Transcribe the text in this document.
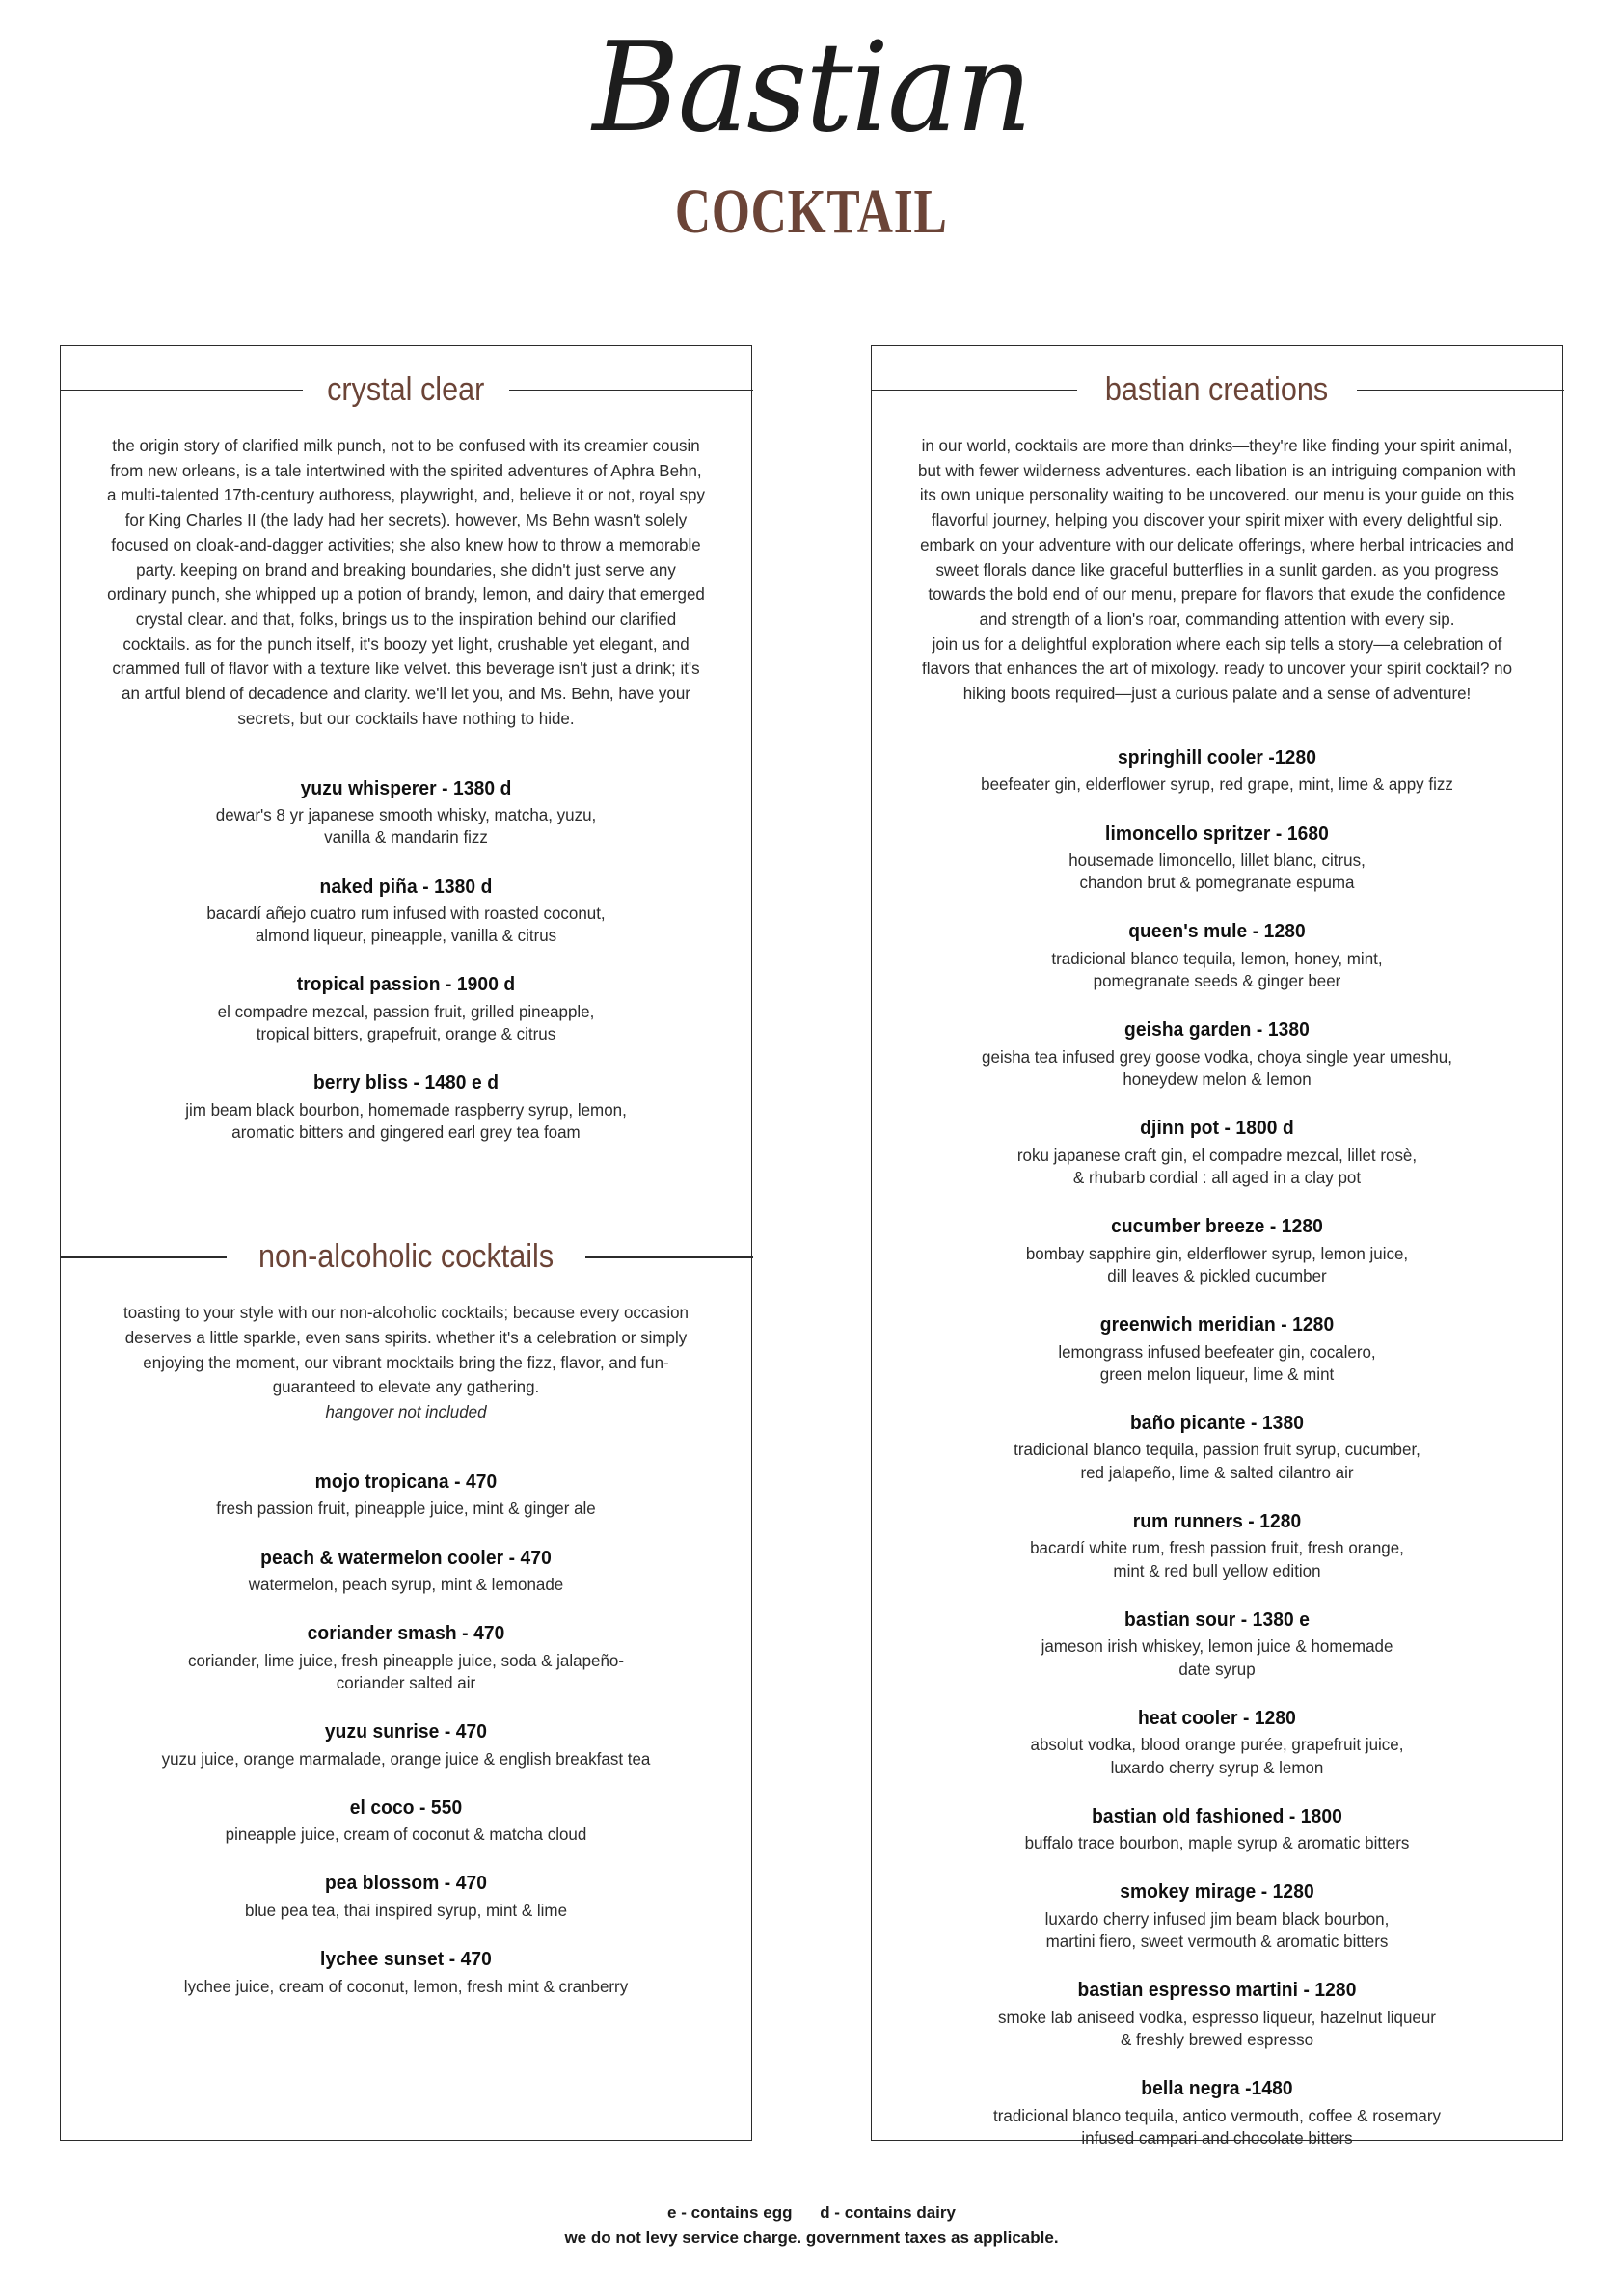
Bastian
COCKTAIL
crystal clear

the origin story of clarified milk punch, not to be confused with its creamier cousin from new orleans, is a tale intertwined with the spirited adventures of Aphra Behn, a multi-talented 17th-century authoress, playwright, and, believe it or not, royal spy for King Charles II (the lady had her secrets). however, Ms Behn wasn't solely focused on cloak-and-dagger activities; she also knew how to throw a memorable party. keeping on brand and breaking boundaries, she didn't just serve any ordinary punch, she whipped up a potion of brandy, lemon, and dairy that emerged crystal clear. and that, folks, brings us to the inspiration behind our clarified cocktails. as for the punch itself, it's boozy yet light, crushable yet elegant, and crammed full of flavor with a texture like velvet. this beverage isn't just a drink; it's an artful blend of decadence and clarity. we'll let you, and Ms. Behn, have your secrets, but our cocktails have nothing to hide.

yuzu whisperer - 1380 d
dewar's 8 yr japanese smooth whisky, matcha, yuzu,
vanilla & mandarin fizz
naked piña - 1380 d
bacardí añejo cuatro rum infused with roasted coconut,
almond liqueur, pineapple, vanilla & citrus
tropical passion - 1900 d
el compadre mezcal, passion fruit, grilled pineapple,
tropical bitters, grapefruit, orange & citrus
berry bliss - 1480 e d
jim beam black bourbon, homemade raspberry syrup, lemon,
aromatic bitters and gingered earl grey tea foam
non-alcoholic cocktails

toasting to your style with our non-alcoholic cocktails; because every occasion deserves a little sparkle, even sans spirits. whether it's a celebration or simply enjoying the moment, our vibrant mocktails bring the fizz, flavor, and fun-guaranteed to elevate any gathering.

hangover not included
mojo tropicana - 470
fresh passion fruit, pineapple juice, mint & ginger ale
peach & watermelon cooler - 470
watermelon, peach syrup, mint & lemonade
coriander smash - 470
coriander, lime juice, fresh pineapple juice, soda & jalapeño-
coriander salted air
yuzu sunrise - 470
yuzu juice, orange marmalade, orange juice & english breakfast tea
el coco - 550
pineapple juice, cream of coconut & matcha cloud
pea blossom - 470
blue pea tea, thai inspired syrup, mint & lime
lychee sunset - 470
lychee juice, cream of coconut, lemon, fresh mint & cranberry
bastian creations

in our world, cocktails are more than drinks—they're like finding your spirit animal, but with fewer wilderness adventures. each libation is an intriguing companion with its own unique personality waiting to be uncovered. our menu is your guide on this flavorful journey, helping you discover your spirit mixer with every delightful sip.
embark on your adventure with our delicate offerings, where herbal intricacies and sweet florals dance like graceful butterflies in a sunlit garden. as you progress towards the bold end of our menu, prepare for flavors that exude the confidence and strength of a lion's roar, commanding attention with every sip.
join us for a delightful exploration where each sip tells a story—a celebration of flavors that enhances the art of mixology. ready to uncover your spirit cocktail? no hiking boots required—just a curious palate and a sense of adventure!

springhill cooler -1280
beefeater gin, elderflower syrup, red grape, mint, lime & appy fizz
limoncello spritzer - 1680
housemade limoncello, lillet blanc, citrus,
chandon brut & pomegranate espuma
queen's mule - 1280
tradicional blanco tequila, lemon, honey, mint,
pomegranate seeds & ginger beer
geisha garden - 1380
geisha tea infused grey goose vodka, choya single year umeshu,
honeydew melon & lemon
djinn pot - 1800 d
roku japanese craft gin, el compadre mezcal, lillet rosè,
& rhubarb cordial : all aged in a clay pot
cucumber breeze - 1280
bombay sapphire gin, elderflower syrup, lemon juice,
dill leaves & pickled cucumber
greenwich meridian - 1280
lemongrass infused beefeater gin, cocalero,
green melon liqueur, lime & mint
baño picante - 1380
tradicional blanco tequila, passion fruit syrup, cucumber,
red jalapeño, lime & salted cilantro air
rum runners - 1280
bacardí white rum, fresh passion fruit, fresh orange,
mint & red bull yellow edition
bastian sour - 1380 e
jameson irish whiskey, lemon juice & homemade
date syrup
heat cooler - 1280
absolut vodka, blood orange purée, grapefruit juice,
luxardo cherry syrup & lemon
bastian old fashioned - 1800
buffalo trace bourbon, maple syrup & aromatic bitters
smokey mirage - 1280
luxardo cherry infused jim beam black bourbon,
martini fiero, sweet vermouth & aromatic bitters
bastian espresso martini - 1280
smoke lab aniseed vodka, espresso liqueur, hazelnut liqueur
& freshly brewed espresso
bella negra -1480
tradicional blanco tequila, antico vermouth, coffee & rosemary
infused campari and chocolate bitters
e - contains egg d - contains dairy
we do not levy service charge. government taxes as applicable.
